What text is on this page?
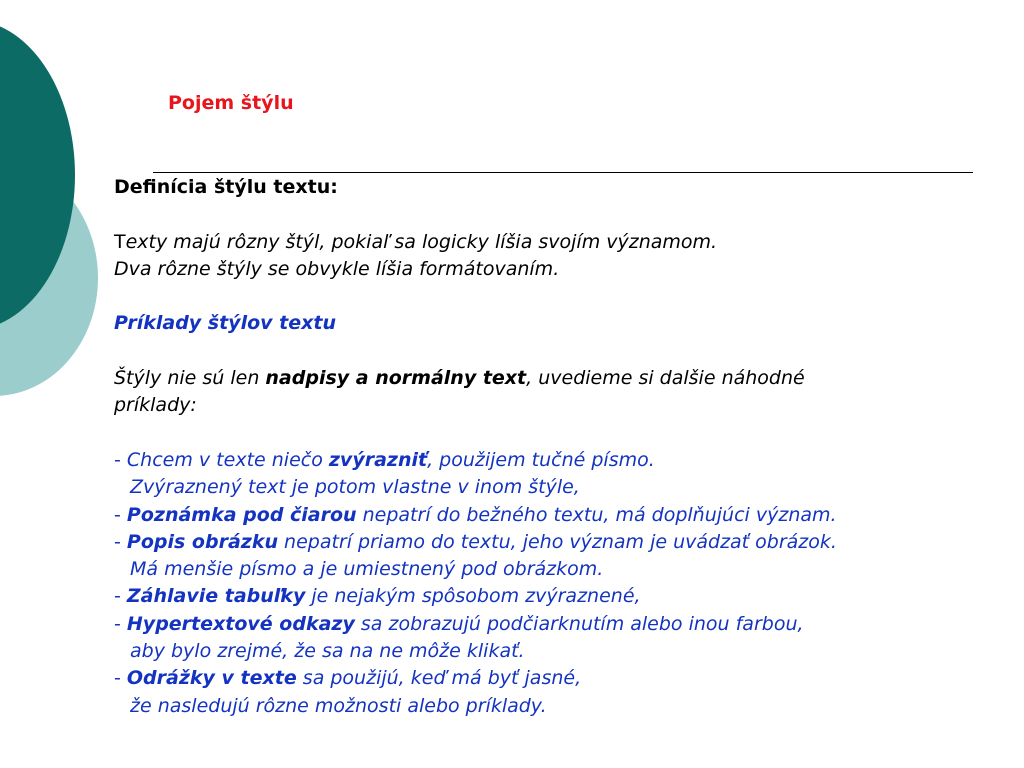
Pojem štýlu

Definícia štýlu textu:

Texty majú rôzny štýl, pokiaľ sa logicky líšia svojím významom.

Dva rôzne štýly se obvykle líšia formátovaním.

Príklady štýlov textu

Štýly nie sú len nadpisy a normálny text, uvedieme si dalšie náhodné

príklady:

- Chcem v texte niečo zvýrazniť, použijem tučné písmo.

Zvýraznený text je potom vlastne v inom štýle,

- Poznámka pod čiarou nepatrí do bežného textu, má doplňujúci význam.

- Popis obrázku nepatrí priamo do textu, jeho význam je uvádzať obrázok.

Má menšie písmo a je umiestnený pod obrázkom.

- Záhlavie tabuľky je nejakým spôsobom zvýraznené,

- Hypertextové odkazy sa zobrazujú podčiarknutím alebo inou farbou,

aby bylo zrejmé, že sa na ne môže klikať.

- Odrážky v texte sa použijú, keď má byť jasné,

že nasledujú rôzne možnosti alebo príklady.
